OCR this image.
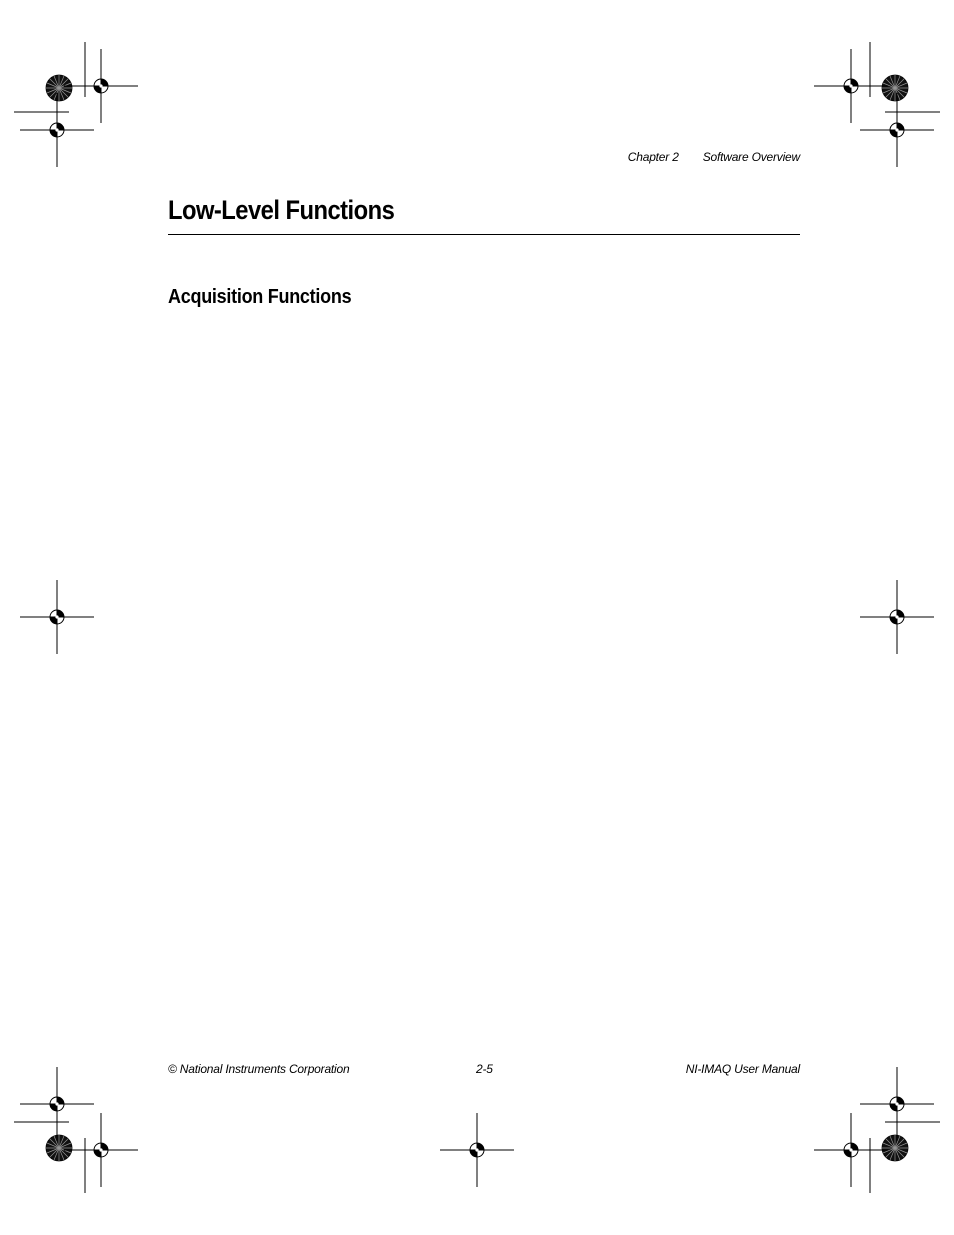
Chapter 2 Software Overview
Low-Level Functions
Acquisition Functions
© National Instruments Corporation	2-5	NI-IMAQ User Manual
